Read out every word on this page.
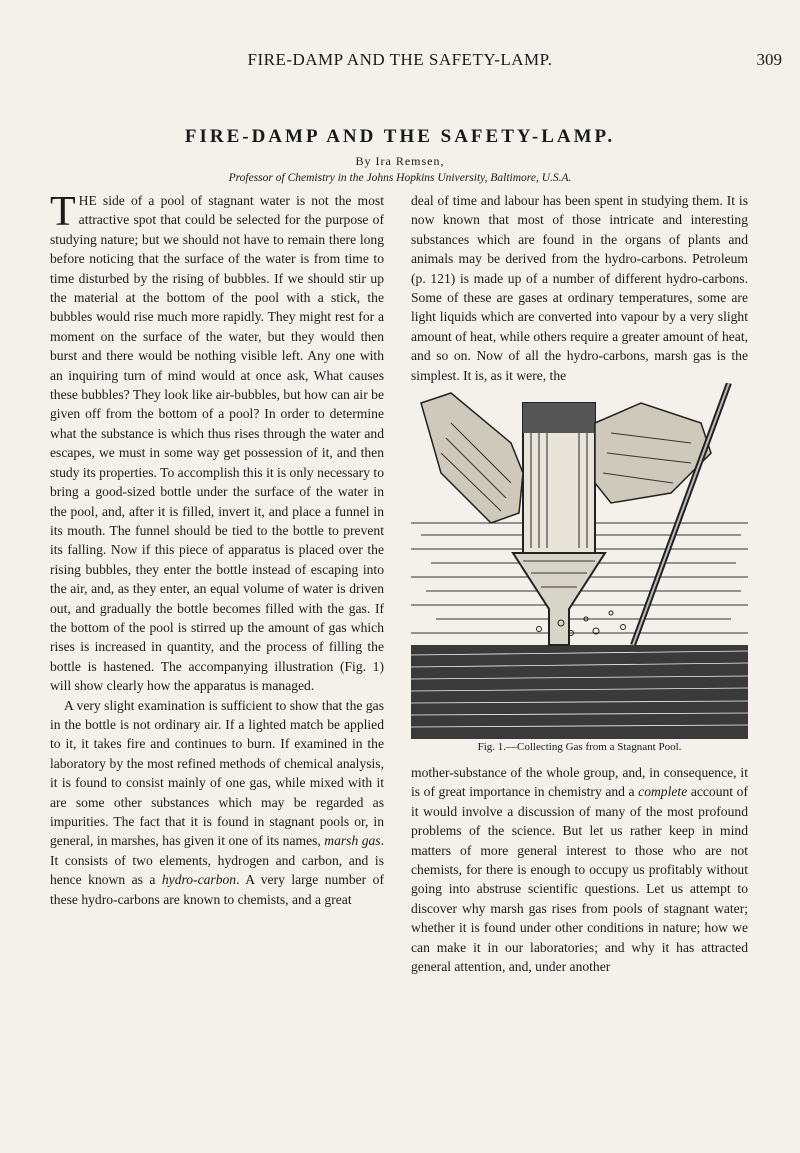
FIRE-DAMP AND THE SAFETY-LAMP.	309
FIRE-DAMP AND THE SAFETY-LAMP.
By Ira Remsen,
Professor of Chemistry in the Johns Hopkins University, Baltimore, U.S.A.

THE side of a pool of stagnant water is not the most attractive spot that could be selected for the purpose of studying nature; but we should not have to remain there long before noticing that the surface of the water is from time to time disturbed by the rising of bubbles. If we should stir up the material at the bottom of the pool with a stick, the bubbles would rise much more rapidly. They might rest for a moment on the surface of the water, but they would then burst and there would be nothing visible left. Any one with an inquiring turn of mind would at once ask, What causes these bubbles? They look like air-bubbles, but how can air be given off from the bottom of a pool? In order to determine what the substance is which thus rises through the water and escapes, we must in some way get possession of it, and then study its properties. To accomplish this it is only necessary to bring a good-sized bottle under the surface of the water in the pool, and, after it is filled, invert it, and place a funnel in its mouth. The funnel should be tied to the bottle to prevent its falling. Now if this piece of apparatus is placed over the rising bubbles, they enter the bottle instead of escaping into the air, and, as they enter, an equal volume of water is driven out, and gradually the bottle becomes filled with the gas. If the bottom of the pool is stirred up the amount of gas which rises is increased in quantity, and the process of filling the bottle is hastened. The accompanying illustration (Fig. 1) will show clearly how the apparatus is managed.

A very slight examination is sufficient to show that the gas in the bottle is not ordinary air. If a lighted match be applied to it, it takes fire and continues to burn. If examined in the laboratory by the most refined methods of chemical analysis, it is found to consist mainly of one gas, while mixed with it are some other substances which may be regarded as impurities. The fact that it is found in stagnant pools or, in general, in marshes, has given it one of its names, marsh gas. It consists of two elements, hydrogen and carbon, and is hence known as a hydro-carbon. A very large number of these hydro-carbons are known to chemists, and a great

deal of time and labour has been spent in studying them. It is now known that most of those intricate and interesting substances which are found in the organs of plants and animals may be derived from the hydro-carbons. Petroleum (p. 121) is made up of a number of different hydro-carbons. Some of these are gases at ordinary temperatures, some are light liquids which are converted into vapour by a very slight amount of heat, while others require a greater amount of heat, and so on. Now of all the hydro-carbons, marsh gas is the simplest. It is, as it were, the

Fig. 1.—Collecting Gas from a Stagnant Pool.

mother-substance of the whole group, and, in consequence, it is of great importance in chemistry and a complete account of it would involve a discussion of many of the most profound problems of the science. But let us rather keep in mind matters of more general interest to those who are not chemists, for there is enough to occupy us profitably without going into abstruse scientific questions. Let us attempt to discover why marsh gas rises from pools of stagnant water; whether it is found under other conditions in nature; how we can make it in our laboratories; and why it has attracted general attention, and, under another
